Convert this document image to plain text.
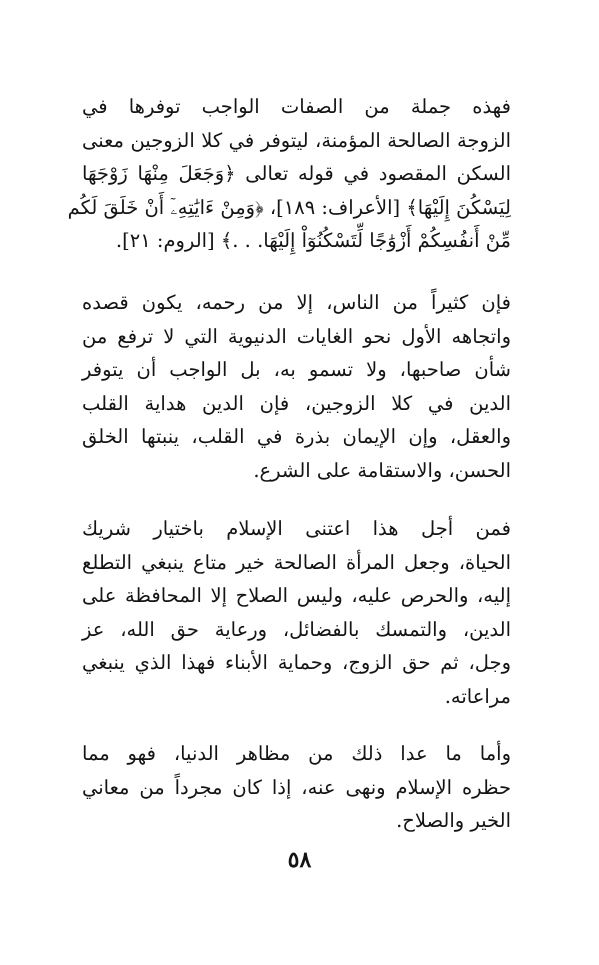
فهذه جملة من الصفات الواجب توفرها في
الزوجة الصالحة المؤمنة، ليتوفر في كلا الزوجين معنى
السكن المقصود في قوله تعالى ﴿وَجَعَلَ مِنْهَا زَوْجَهَا
لِيَسْكُنَ إِلَيْهَا﴾ [الأعراف: ١٨٩]، ﴿وَمِنْ ءَايَٰتِهِۦٓ أَنْ خَلَقَ لَكُم
مِّنْ أَنفُسِكُمْ أَزْوَٰجًا لِّتَسْكُنُوٓاْ إِلَيْهَا. . .﴾ [الروم: ٢١].

فإن كثيراً من الناس، إلا من رحمه، يكون قصده
واتجاهه الأول نحو الغايات الدنيوية التي لا ترفع من
شأن صاحبها، ولا تسمو به، بل الواجب أن يتوفر
الدين في كلا الزوجين، فإن الدين هداية القلب
والعقل، وإن الإيمان بذرة في القلب، ينبتها الخلق
الحسن، والاستقامة على الشرع.

فمن أجل هذا اعتنى الإسلام باختيار شريك
الحياة، وجعل المرأة الصالحة خير متاع ينبغي التطلع
إليه، والحرص عليه، وليس الصلاح إلا المحافظة على
الدين، والتمسك بالفضائل، ورعاية حق الله، عز
وجل، ثم حق الزوج، وحماية الأبناء فهذا الذي ينبغي
مراعاته.

وأما ما عدا ذلك من مظاهر الدنيا، فهو مما
حظره الإسلام ونهى عنه، إذا كان مجرداً من معاني
الخير والصلاح.

٥٨
